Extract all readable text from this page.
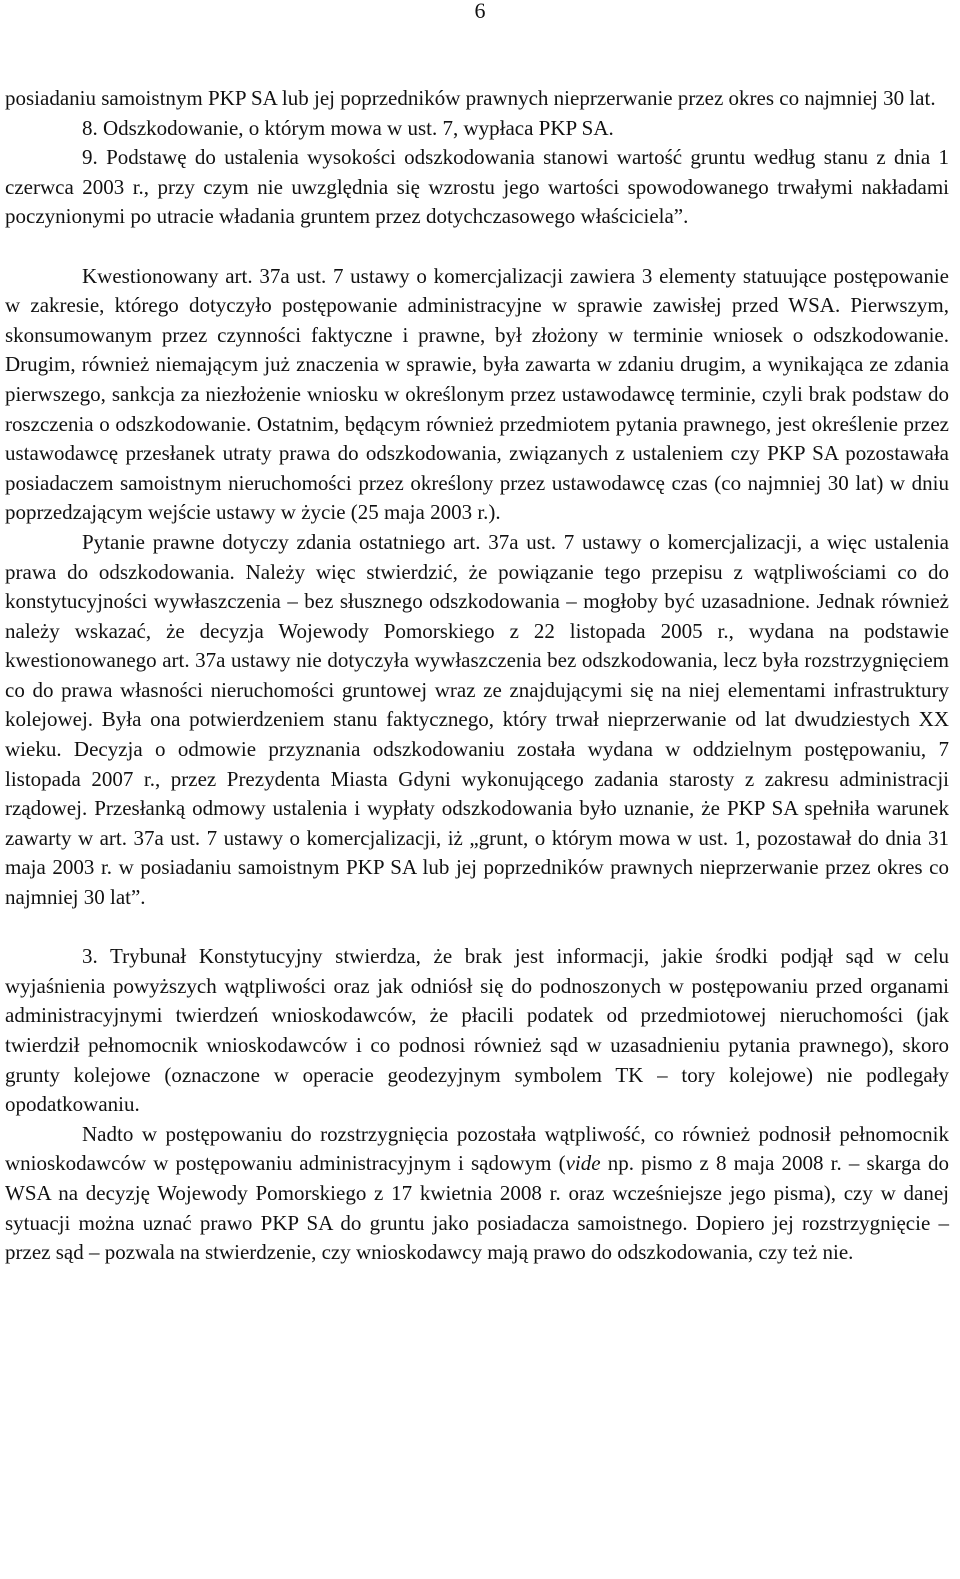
6

posiadaniu samoistnym PKP SA lub jej poprzedników prawnych nieprzerwanie przez okres co najmniej 30 lat.

8. Odszkodowanie, o którym mowa w ust. 7, wypłaca PKP SA.

9. Podstawę do ustalenia wysokości odszkodowania stanowi wartość gruntu według stanu z dnia 1 czerwca 2003 r., przy czym nie uwzględnia się wzrostu jego wartości spowodowanego trwałymi nakładami poczynionymi po utracie władania gruntem przez dotychczasowego właściciela”.

Kwestionowany art. 37a ust. 7 ustawy o komercjalizacji zawiera 3 elementy statuujące postępowanie w zakresie, którego dotyczyło postępowanie administracyjne w sprawie zawisłej przed WSA. Pierwszym, skonsumowanym przez czynności faktyczne i prawne, był złożony w terminie wniosek o odszkodowanie. Drugim, również niemającym już znaczenia w sprawie, była zawarta w zdaniu drugim, a wynikająca ze zdania pierwszego, sankcja za niezłożenie wniosku w określonym przez ustawodawcę terminie, czyli brak podstaw do roszczenia o odszkodowanie. Ostatnim, będącym również przedmiotem pytania prawnego, jest określenie przez ustawodawcę przesłanek utraty prawa do odszkodowania, związanych z ustaleniem czy PKP SA pozostawała posiadaczem samoistnym nieruchomości przez określony przez ustawodawcę czas (co najmniej 30 lat) w dniu poprzedzającym wejście ustawy w życie (25 maja 2003 r.).

Pytanie prawne dotyczy zdania ostatniego art. 37a ust. 7 ustawy o komercjalizacji, a więc ustalenia prawa do odszkodowania. Należy więc stwierdzić, że powiązanie tego przepisu z wątpliwościami co do konstytucyjności wywłaszczenia – bez słusznego odszkodowania – mogłoby być uzasadnione. Jednak również należy wskazać, że decyzja Wojewody Pomorskiego z 22 listopada 2005 r., wydana na podstawie kwestionowanego art. 37a ustawy nie dotyczyła wywłaszczenia bez odszkodowania, lecz była rozstrzygnięciem co do prawa własności nieruchomości gruntowej wraz ze znajdującymi się na niej elementami infrastruktury kolejowej. Była ona potwierdzeniem stanu faktycznego, który trwał nieprzerwanie od lat dwudziestych XX wieku. Decyzja o odmowie przyznania odszkodowaniu została wydana w oddzielnym postępowaniu, 7 listopada 2007 r., przez Prezydenta Miasta Gdyni wykonującego zadania starosty z zakresu administracji rządowej. Przesłanką odmowy ustalenia i wypłaty odszkodowania było uznanie, że PKP SA spełniła warunek zawarty w art. 37a ust. 7 ustawy o komercjalizacji, iż „grunt, o którym mowa w ust. 1, pozostawał do dnia 31 maja 2003 r. w posiadaniu samoistnym PKP SA lub jej poprzedników prawnych nieprzerwanie przez okres co najmniej 30 lat”.

3. Trybunał Konstytucyjny stwierdza, że brak jest informacji, jakie środki podjął sąd w celu wyjaśnienia powyższych wątpliwości oraz jak odniósł się do podnoszonych w postępowaniu przed organami administracyjnymi twierdzeń wnioskodawców, że płacili podatek od przedmiotowej nieruchomości (jak twierdził pełnomocnik wnioskodawców i co podnosi również sąd w uzasadnieniu pytania prawnego), skoro grunty kolejowe (oznaczone w operacie geodezyjnym symbolem TK – tory kolejowe) nie podlegały opodatkowaniu.

Nadto w postępowaniu do rozstrzygnięcia pozostała wątpliwość, co również podnosił pełnomocnik wnioskodawców w postępowaniu administracyjnym i sądowym (vide np. pismo z 8 maja 2008 r. – skarga do WSA na decyzję Wojewody Pomorskiego z 17 kwietnia 2008 r. oraz wcześniejsze jego pisma), czy w danej sytuacji można uznać prawo PKP SA do gruntu jako posiadacza samoistnego. Dopiero jej rozstrzygnięcie – przez sąd – pozwala na stwierdzenie, czy wnioskodawcy mają prawo do odszkodowania, czy też nie.
